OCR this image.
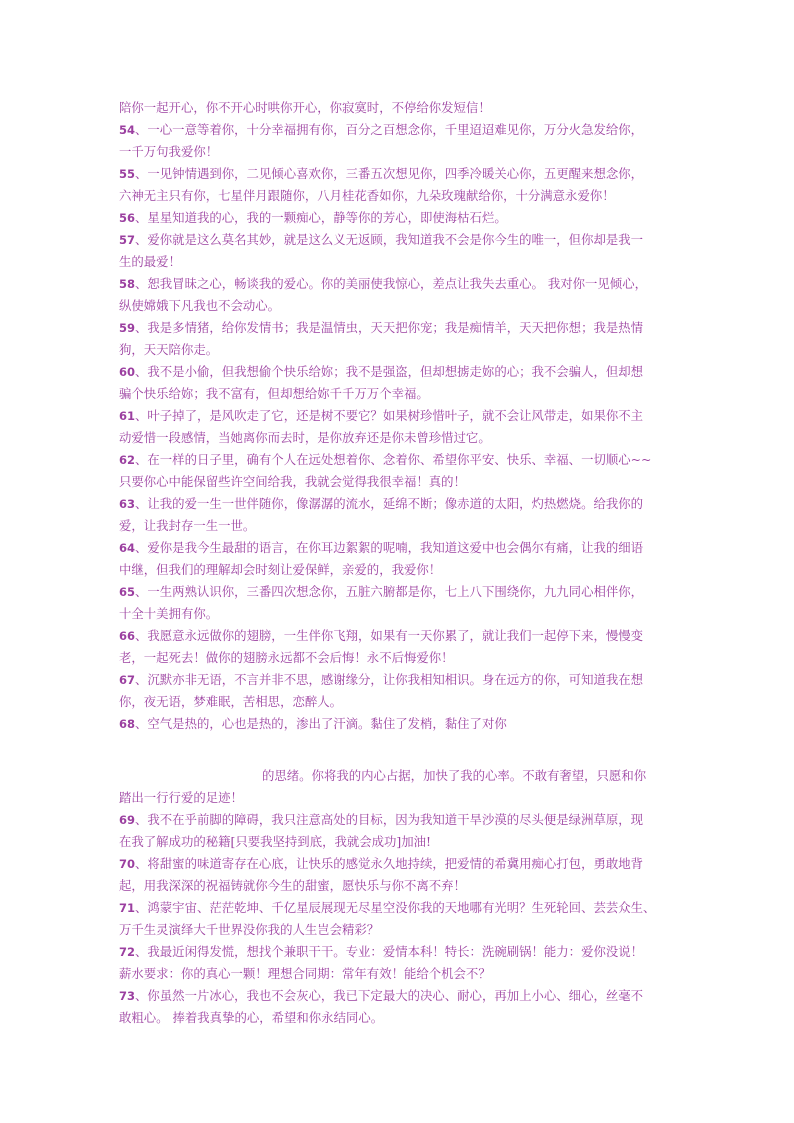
陪你一起开心，你不开心时哄你开心，你寂寞时，不停给你发短信！
54、一心一意等着你，十分幸福拥有你，百分之百想念你，千里迢迢难见你，万分火急发给你，
一千万句我爱你！
55、一见钟情遇到你，二见倾心喜欢你，三番五次想见你，四季冷暖关心你，五更醒来想念你，
六神无主只有你，七星伴月跟随你，八月桂花香如你，九朵玫瑰献给你，十分满意永爱你！
56、星星知道我的心，我的一颗痴心，静等你的芳心，即使海枯石烂。
57、爱你就是这么莫名其妙，就是这么义无返顾，我知道我不会是你今生的唯一，但你却是我一
生的最爱！
58、恕我冒昧之心，畅谈我的爱心。你的美丽使我惊心，差点让我失去重心。 我对你一见倾心，
纵使嫦娥下凡我也不会动心。
59、我是多情猪，给你发情书；我是温情虫，天天把你宠；我是痴情羊，天天把你想；我是热情
狗，天天陪你走。
60、我不是小偷，但我想偷个快乐给妳；我不是强盗，但却想掳走妳的心；我不会骗人，但却想
骗个快乐给妳；我不富有，但却想给妳千千万万个幸福。
61、叶子掉了，是风吹走了它，还是树不要它？如果树珍惜叶子，就不会让风带走，如果你不主
动爱惜一段感情，当她离你而去时，是你放弃还是你未曾珍惜过它。
62、在一样的日子里，确有个人在远处想着你、念着你、希望你平安、快乐、幸福、一切顺心~~
只要你心中能保留些许空间给我，我就会觉得我很幸福！真的！
63、让我的爱一生一世伴随你，像潺潺的流水，延绵不断；像赤道的太阳，灼热燃烧。给我你的
爱，让我封存一生一世。
64、爱你是我今生最甜的语言，在你耳边絮絮的呢喃，我知道这爱中也会偶尔有痛，让我的细语
中继，但我们的理解却会时刻让爱保鲜，亲爱的，我爱你！
65、一生两熟认识你，三番四次想念你，五脏六腑都是你，七上八下围绕你，九九同心相伴你，
十全十美拥有你。
66、我愿意永远做你的翅膀，一生伴你飞翔，如果有一天你累了，就让我们一起停下来，慢慢变
老，一起死去！做你的翅膀永远都不会后悔！永不后悔爱你！
67、沉默亦非无语，不言并非不思，感谢缘分，让你我相知相识。身在远方的你，可知道我在想
你，夜无语，梦难眠，苦相思，恋醉人。
68、空气是热的，心也是热的，渗出了汗滴。黏住了发梢，黏住了对你
的思绪。你将我的内心占据，加快了我的心率。不敢有奢望，只愿和你
踏出一行行爱的足迹！
69、我不在乎前脚的障碍，我只注意高处的目标，因为我知道干旱沙漠的尽头便是绿洲草原，现
在我了解成功的秘籍[只要我坚持到底，我就会成功]加油!
70、将甜蜜的味道寄存在心底，让快乐的感觉永久地持续，把爱情的希冀用痴心打包，勇敢地背
起，用我深深的祝福铸就你今生的甜蜜，愿快乐与你不离不弃！
71、鸿蒙宇宙、茫茫乾坤、千亿星辰展现无尽星空没你我的天地哪有光明？生死轮回、芸芸众生、
万千生灵演绎大千世界没你我的人生岂会精彩？
72、我最近闲得发慌，想找个兼职干干。专业：爱情本科！特长：洗碗刷锅！能力：爱你没说！
薪水要求：你的真心一颗！理想合同期：常年有效！能给个机会不？
73、你虽然一片冰心，我也不会灰心，我已下定最大的决心、耐心，再加上小心、细心，丝毫不
敢粗心。 捧着我真挚的心，希望和你永结同心。
